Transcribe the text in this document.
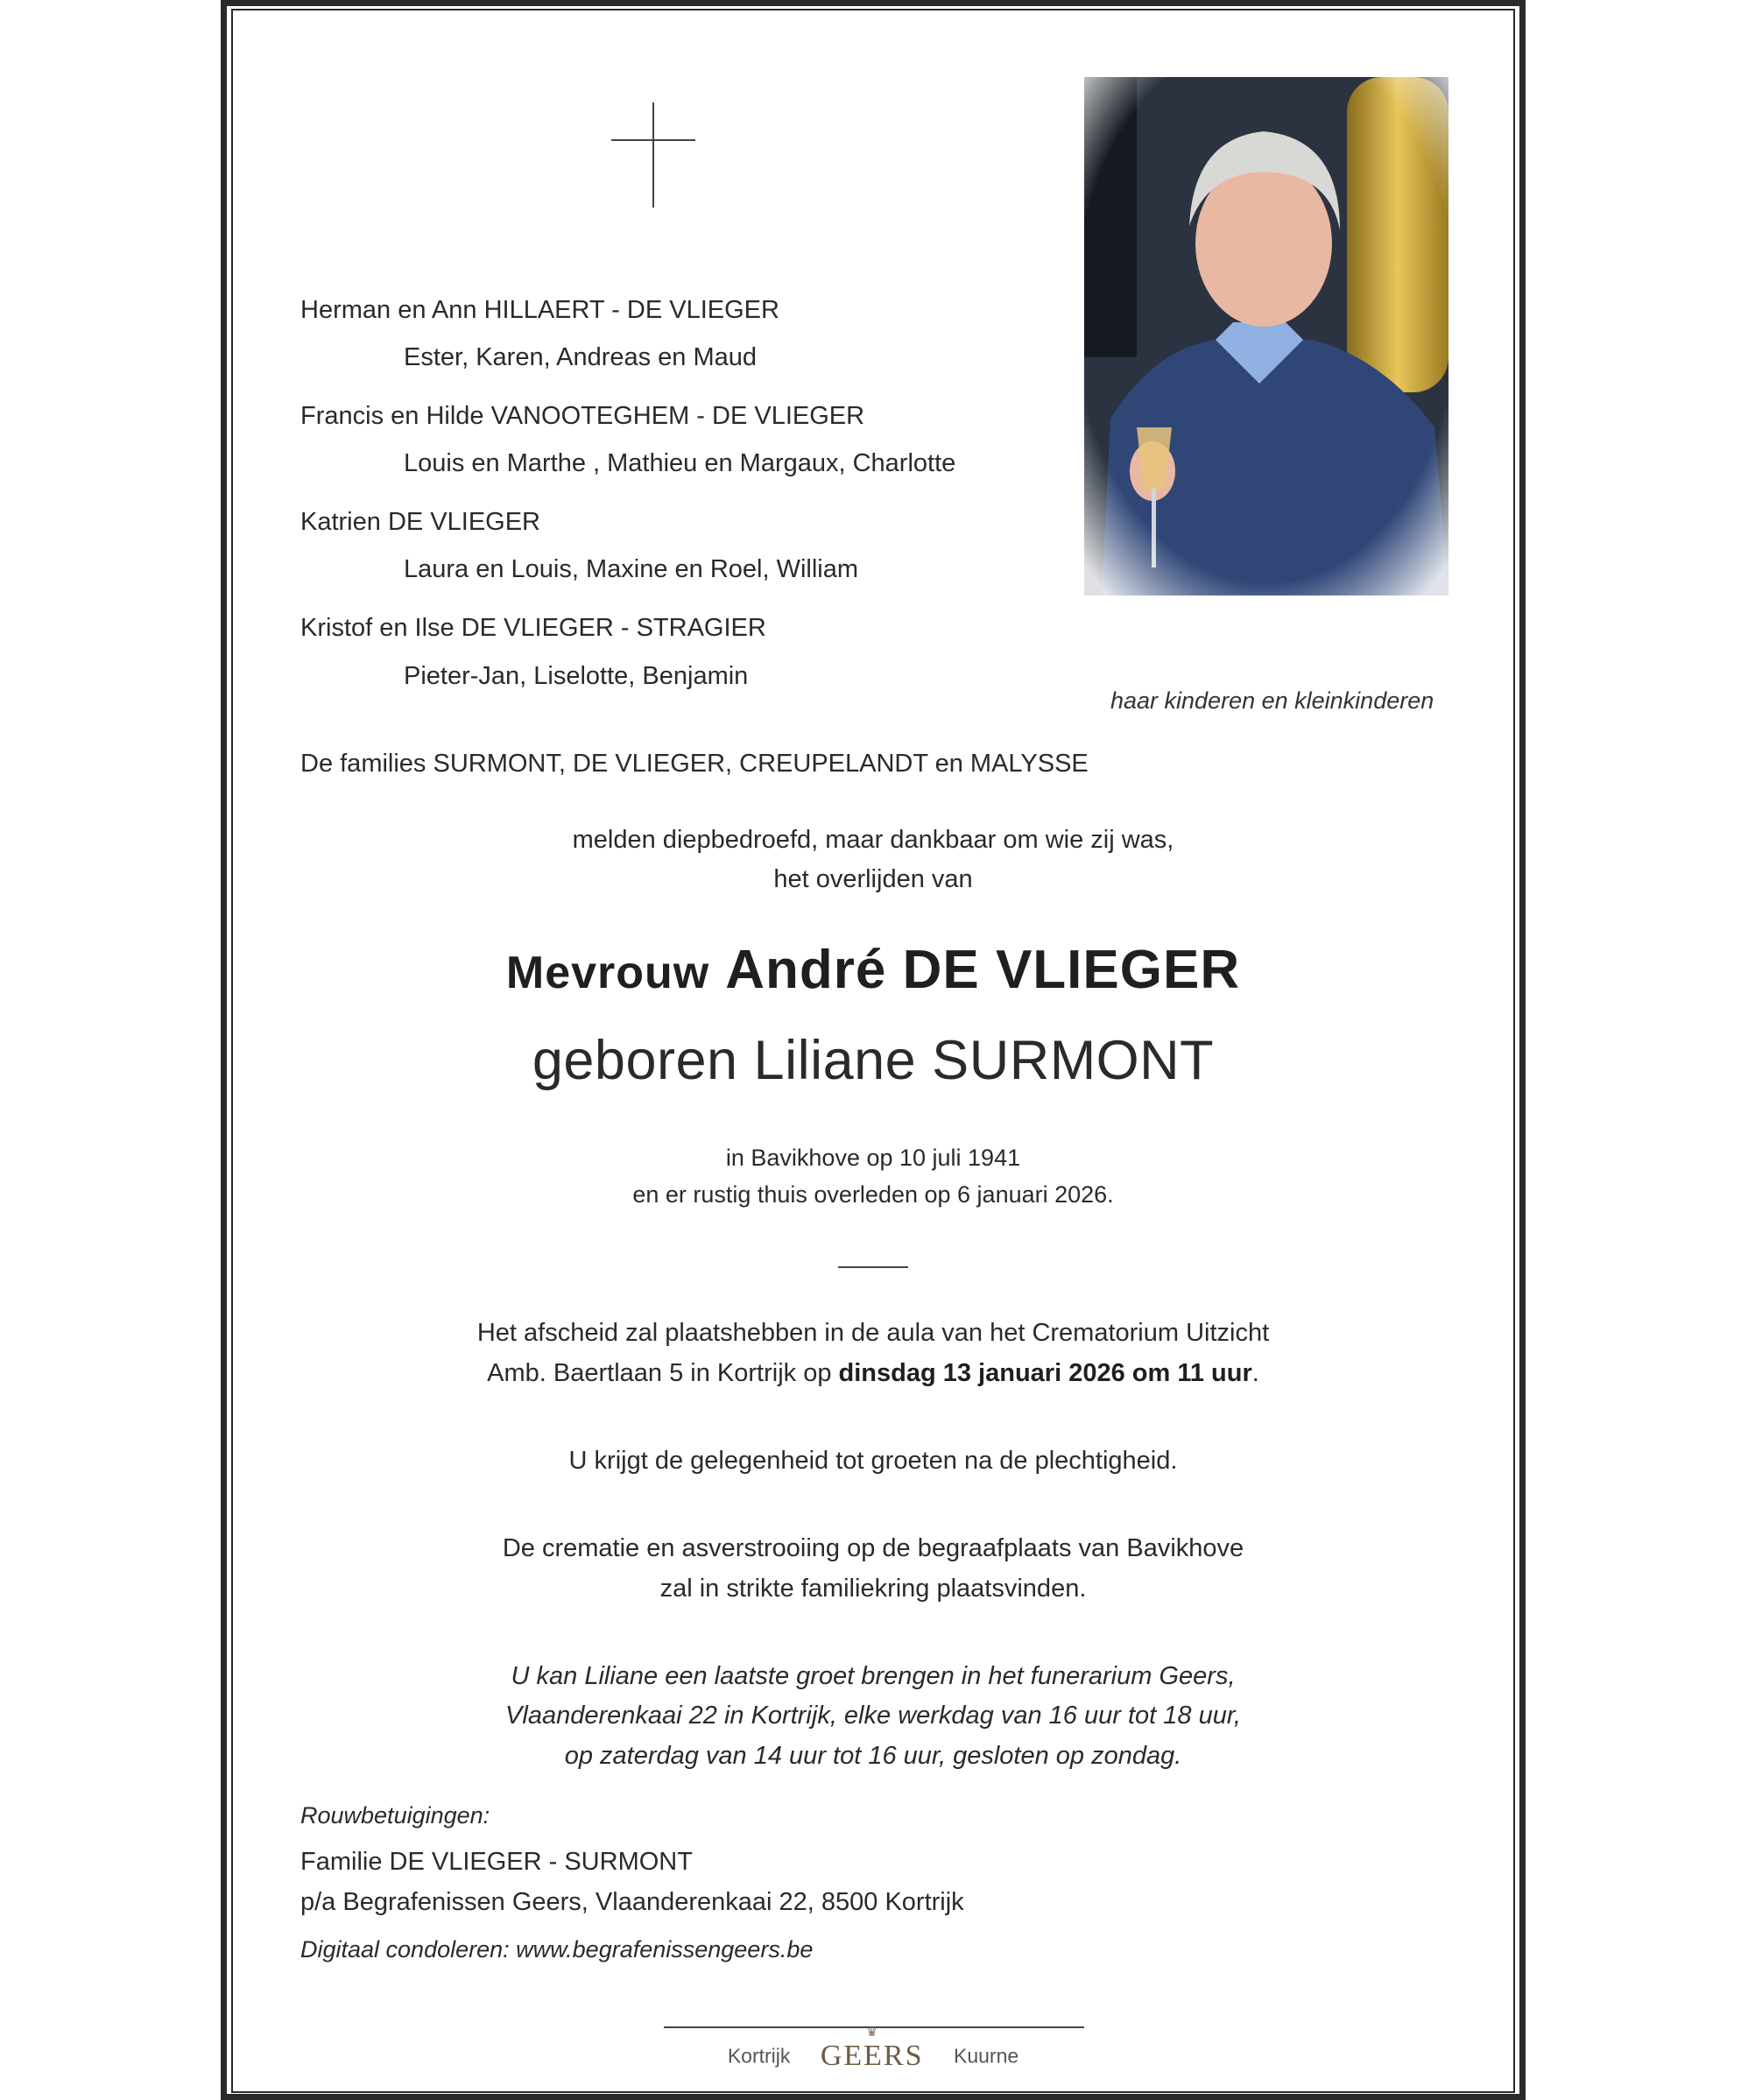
Herman en Ann HILLAERT - DE VLIEGER
Ester, Karen, Andreas en Maud
Francis en Hilde VANOOTEGHEM - DE VLIEGER
Louis en Marthe , Mathieu en Margaux, Charlotte
Katrien DE VLIEGER
Laura en Louis, Maxine en Roel, William
Kristof en Ilse DE VLIEGER - STRAGIER
Pieter-Jan, Liselotte, Benjamin
haar kinderen en kleinkinderen
De families SURMONT, DE VLIEGER, CREUPELANDT en MALYSSE
melden diepbedroefd, maar dankbaar om wie zij was,
het overlijden van
Mevrouw André DE VLIEGER
geboren Liliane SURMONT
in Bavikhove op 10 juli 1941
en er rustig thuis overleden op 6 januari 2026.
Het afscheid zal plaatshebben in de aula van het Crematorium Uitzicht
Amb. Baertlaan 5 in Kortrijk op dinsdag 13 januari 2026 om 11 uur.
U krijgt de gelegenheid tot groeten na de plechtigheid.
De crematie en asverstrooiing op de begraafplaats van Bavikhove
zal in strikte familiekring plaatsvinden.
U kan Liliane een laatste groet brengen in het funerarium Geers,
Vlaanderenkaai 22 in Kortrijk, elke werkdag van 16 uur tot 18 uur,
op zaterdag van 14 uur tot 16 uur, gesloten op zondag.
Rouwbetuigingen:
Familie DE VLIEGER - SURMONT
p/a Begrafenissen Geers, Vlaanderenkaai 22, 8500 Kortrijk
Digitaal condoleren: www.begrafenissengeers.be
Kortrijk
♛
GEERS Kuurne
